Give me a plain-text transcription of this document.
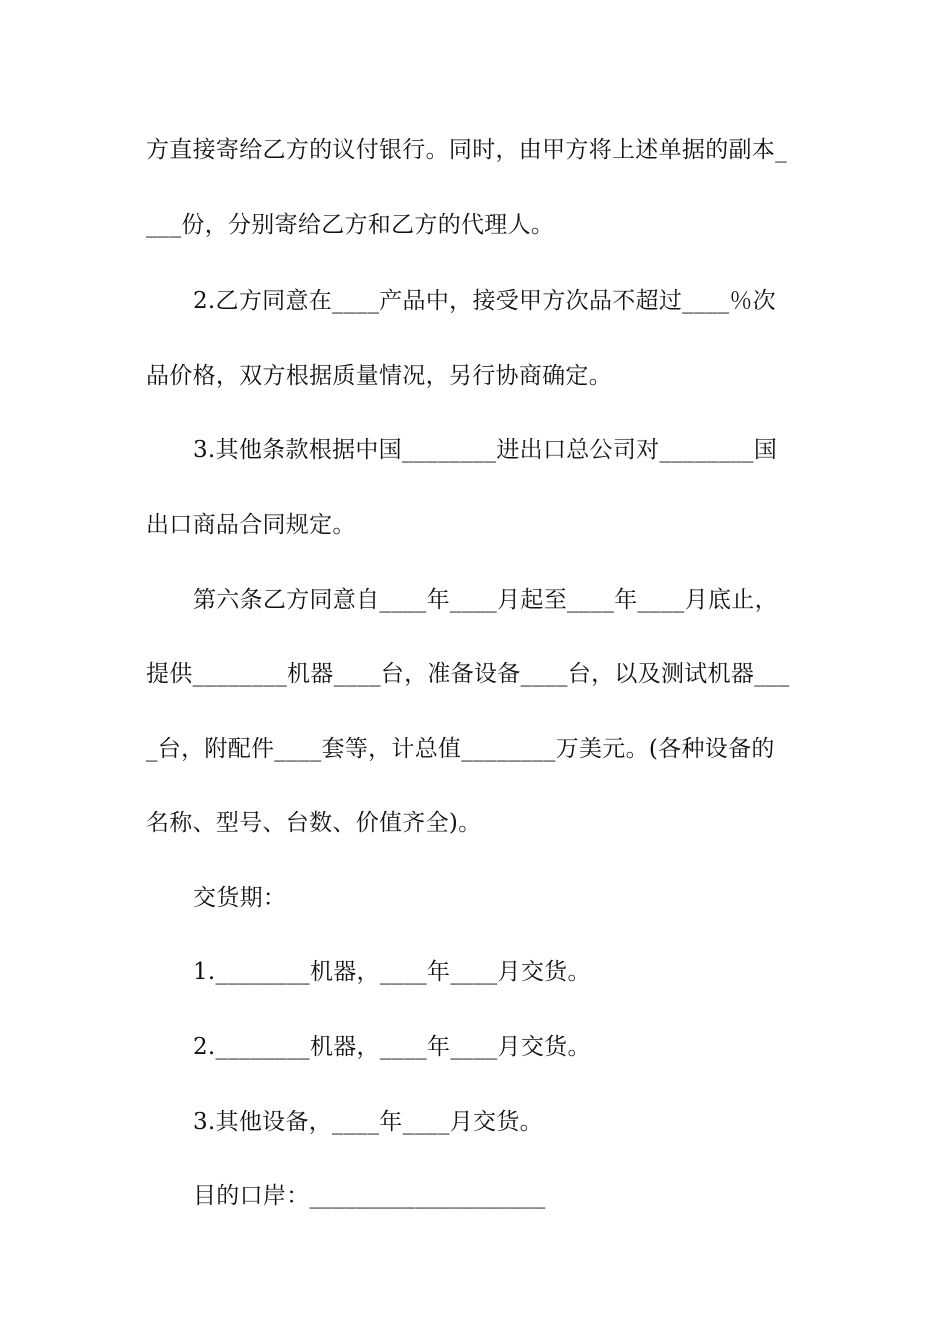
方直接寄给乙方的议付银行。同时，由甲方将上述单据的副本_
___份，分别寄给乙方和乙方的代理人。
2.乙方同意在____产品中，接受甲方次品不超过____％次
品价格，双方根据质量情况，另行协商确定。
3.其他条款根据中国________进出口总公司对________国
出口商品合同规定。
第六条乙方同意自____年____月起至____年____月底止，
提供________机器____台，准备设备____台，以及测试机器___
_台，附配件____套等，计总值________万美元。(各种设备的
名称、型号、台数、价值齐全)。
交货期：
1.________机器，____年____月交货。
2.________机器，____年____月交货。
3.其他设备，____年____月交货。
目的口岸：____________________
